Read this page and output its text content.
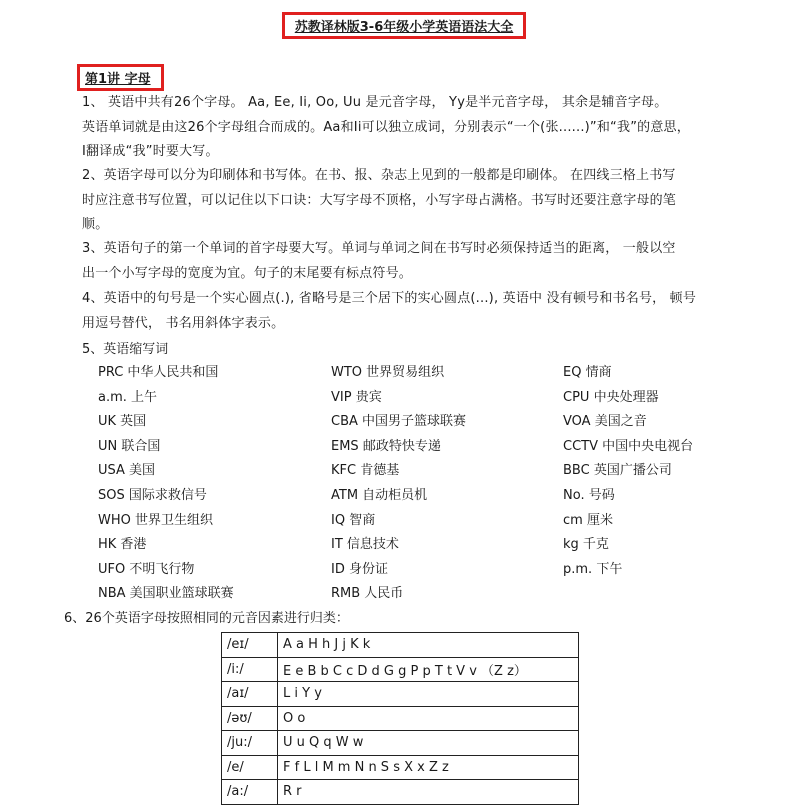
苏教译林版3-6年级小学英语语法大全
第1讲 字母
1、 英语中共有26个字母。 Aa, Ee, Ii, Oo, Uu 是元音字母， Yy是半元音字母， 其余是辅音字母。
英语单词就是由这26个字母组合而成的。Aa和Ii可以独立成词，分别表示“一个(张......)”和“我”的意思，
I翻译成“我”时要大写。
2、英语字母可以分为印刷体和书写体。在书、报、杂志上见到的一般都是印刷体。 在四线三格上书写
时应注意书写位置，可以记住以下口诀：大写字母不顶格，小写字母占满格。书写时还要注意字母的笔
顺。
3、英语句子的第一个单词的首字母要大写。单词与单词之间在书写时必须保持适当的距离， 一般以空
出一个小写字母的宽度为宜。句子的末尾要有标点符号。
4、英语中的句号是一个实心圆点(.), 省略号是三个居下的实心圆点(...), 英语中 没有顿号和书名号， 顿号
用逗号替代， 书名用斜体字表示。
5、英语缩写词
PRC 中华人民共和国	WTO 世界贸易组织	EQ 情商
a.m. 上午	VIP 贵宾	CPU 中央处理器
UK 英国	CBA 中国男子篮球联赛	VOA 美国之音
UN 联合国	EMS 邮政特快专递	CCTV 中国中央电视台
USA 美国	KFC 肯德基	BBC 英国广播公司
SOS 国际求救信号	ATM 自动柜员机	No. 号码
WHO 世界卫生组织	IQ 智商	cm 厘米
HK 香港	IT 信息技术	kg 千克
UFO 不明飞行物	ID 身份证	p.m. 下午
NBA 美国职业篮球联赛	RMB 人民币
6、26个英语字母按照相同的元音因素进行归类：
/eɪ/	A a H h J j K k
/i:/	E e B b C c D d G g P p T t V v （Z z）
/aɪ/	L i Y y
/əʊ/	O o
/ju:/	U u Q q W w
/e/	F f L l M m N n S s X x Z z
/a:/	R r
